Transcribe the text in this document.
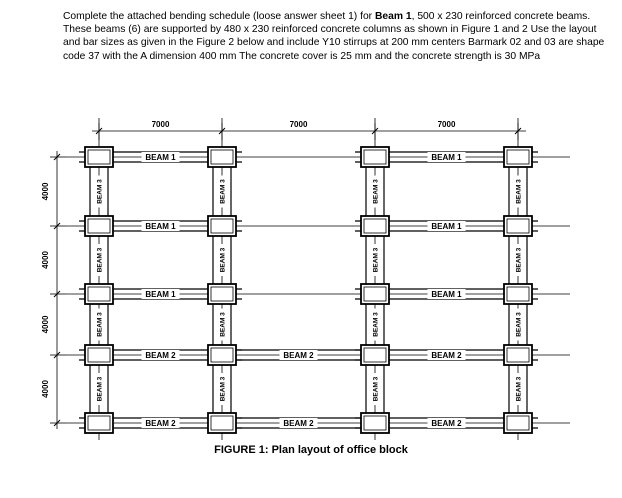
Complete the attached bending schedule (loose answer sheet 1) for Beam 1, 500 x 230 reinforced concrete beams. These beams (6) are supported by 480 x 230 reinforced concrete columns as shown in Figure 1 and 2 Use the layout and bar sizes as given in the Figure 2 below and include Y10 stirrups at 200 mm centers Barmark 02 and 03 are shape code 37 with the A dimension 400 mm The concrete cover is 25 mm and the concrete strength is 30 MPa
7000	7000	7000
4000
4000
4000
4000
BEAM 1	BEAM 1
BEAM 1	BEAM 1
BEAM 1	BEAM 1
BEAM 2	BEAM 2	BEAM 2
BEAM 2	BEAM 2	BEAM 2
BEAM 3
BEAM 3
BEAM 3
BEAM 3
BEAM 3
BEAM 3
BEAM 3
BEAM 3
BEAM 3
BEAM 3
BEAM 3
BEAM 3
BEAM 3
BEAM 3
BEAM 3
BEAM 3
FIGURE 1: Plan layout of office block
